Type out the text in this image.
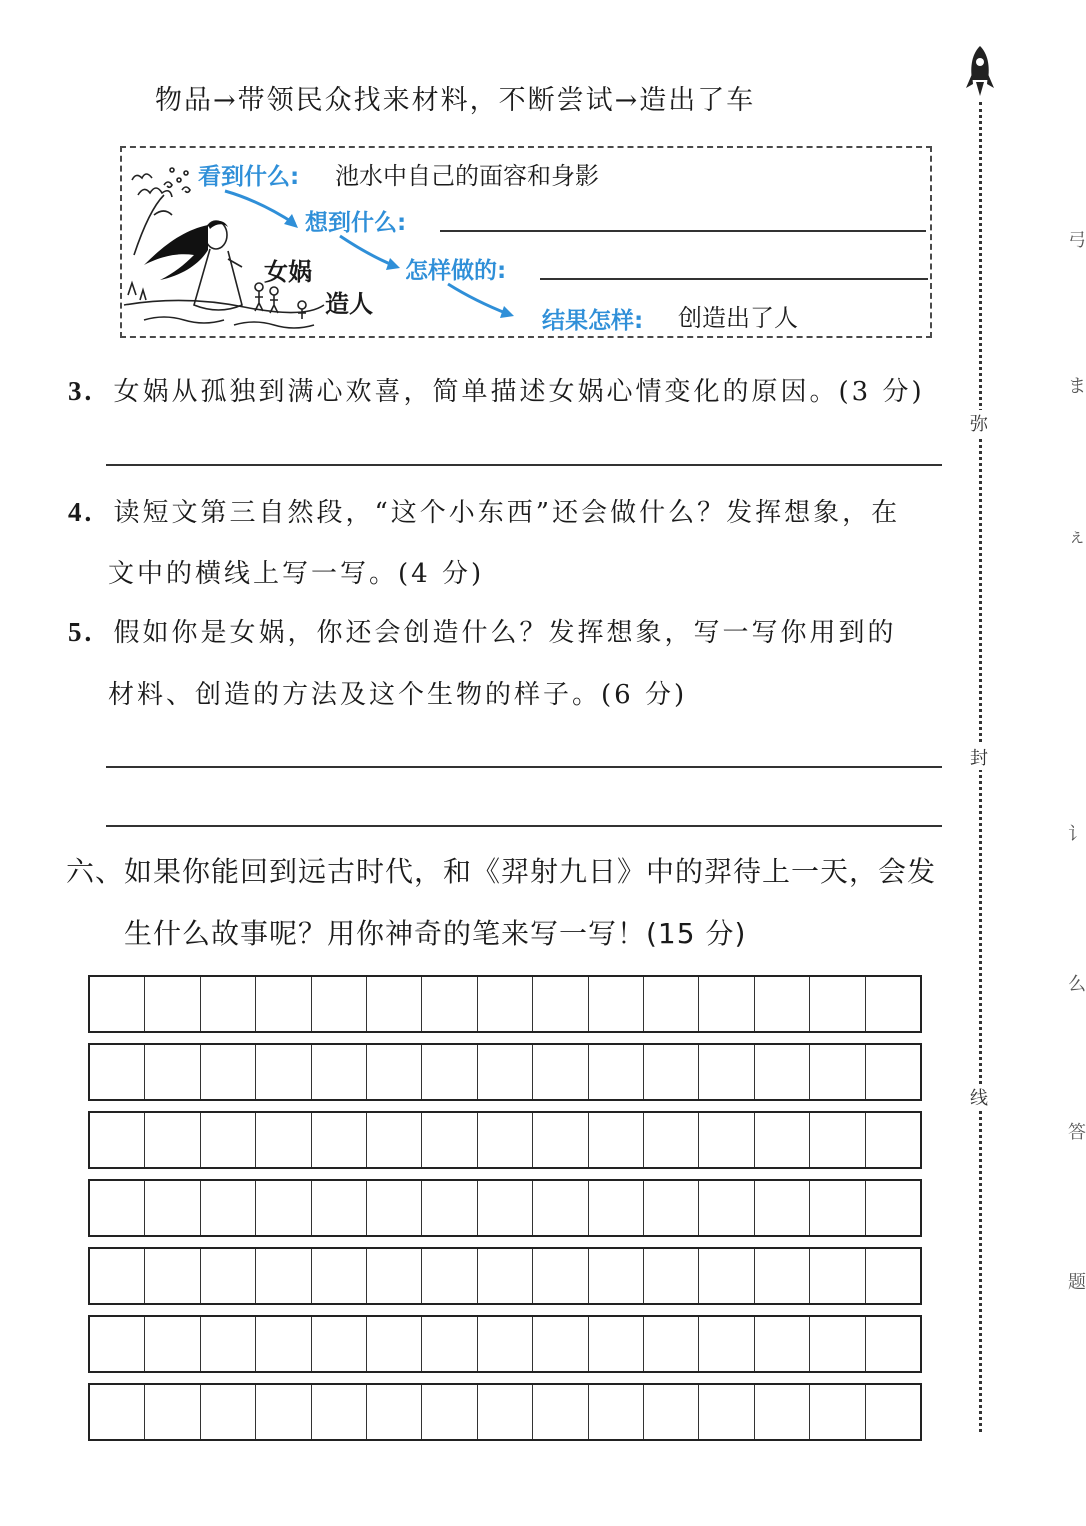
物品→带领民众找来材料，不断尝试→造出了车
女娲
造人
看到什么: 池水中自己的面容和身影
想到什么:
怎样做的:
结果怎样: 创造出了人
3. 女娲从孤独到满心欢喜，简单描述女娲心情变化的原因。(3 分)
4. 读短文第三自然段，“这个小东西”还会做什么？发挥想象，在
文中的横线上写一写。(4 分)
5. 假如你是女娲，你还会创造什么？发挥想象，写一写你用到的
材料、创造的方法及这个生物的样子。(6 分)
六、如果你能回到远古时代，和《羿射九日》中的羿待上一天，会发
生什么故事呢？用你神奇的笔来写一写！(15 分)
弥
封
线
弓
ま
ぇ
讠
么
答
题
